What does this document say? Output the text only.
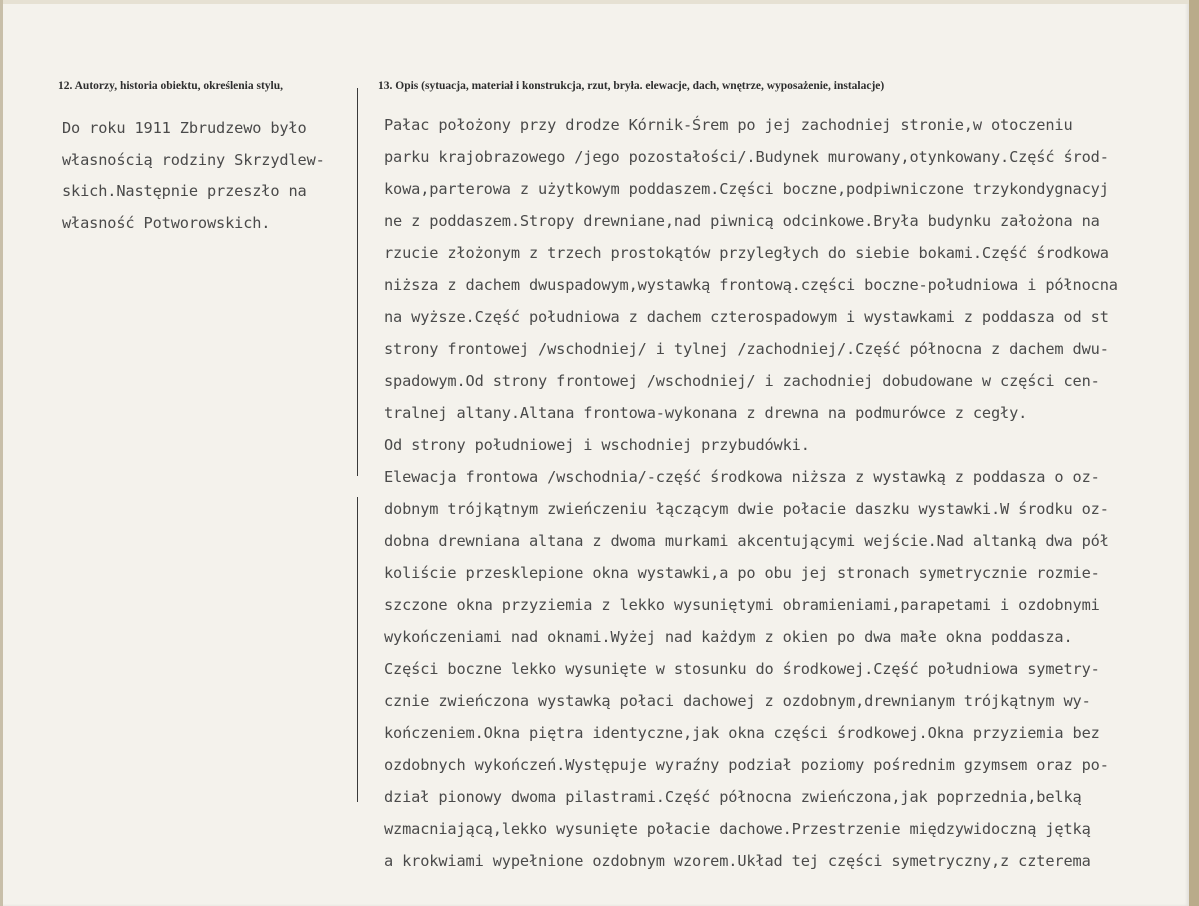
12. Autorzy, historia obiektu, określenia stylu,	13. Opis (sytuacja, materiał i konstrukcja, rzut, bryła. elewacje, dach, wnętrze, wyposażenie, instalacje)
Do roku 1911 Zbrudzewo było
własnością rodziny Skrzydlew-
skich.Następnie przeszło na
własność Potworowskich.
Pałac położony przy drodze Kórnik-Śrem po jej zachodniej stronie,w otoczeniu
parku krajobrazowego /jego pozostałości/.Budynek murowany,otynkowany.Część środ-
kowa,parterowa z użytkowym poddaszem.Części boczne,podpiwniczone trzykondygnacyj
ne z poddaszem.Stropy drewniane,nad piwnicą odcinkowe.Bryła budynku założona na
rzucie złożonym z trzech prostokątów przyległych do siebie bokami.Część środkowa
niższa z dachem dwuspadowym,wystawką frontową.części boczne-południowa i północna
na wyższe.Część południowa z dachem czterospadowym i wystawkami z poddasza od st
strony frontowej /wschodniej/ i tylnej /zachodniej/.Część północna z dachem dwu-
spadowym.Od strony frontowej /wschodniej/ i zachodniej dobudowane w części cen-
tralnej altany.Altana frontowa-wykonana z drewna na podmurówce z cegły.
Od strony południowej i wschodniej przybudówki.
Elewacja frontowa /wschodnia/-część środkowa niższa z wystawką z poddasza o oz-
dobnym trójkątnym zwieńczeniu łączącym dwie połacie daszku wystawki.W środku oz-
dobna drewniana altana z dwoma murkami akcentującymi wejście.Nad altanką dwa pół
koliście przesklepione okna wystawki,a po obu jej stronach symetrycznie rozmie-
szczone okna przyziemia z lekko wysuniętymi obramieniami,parapetami i ozdobnymi
wykończeniami nad oknami.Wyżej nad każdym z okien po dwa małe okna poddasza.
Części boczne lekko wysunięte w stosunku do środkowej.Część południowa symetry-
cznie zwieńczona wystawką połaci dachowej z ozdobnym,drewnianym trójkątnym wy-
kończeniem.Okna piętra identyczne,jak okna części środkowej.Okna przyziemia bez
ozdobnych wykończeń.Występuje wyraźny podział poziomy pośrednim gzymsem oraz po-
dział pionowy dwoma pilastrami.Część północna zwieńczona,jak poprzednia,belką
wzmacniającą,lekko wysunięte połacie dachowe.Przestrzenie międzywidoczną jętką
a krokwiami wypełnione ozdobnym wzorem.Układ tej części symetryczny,z czterema
